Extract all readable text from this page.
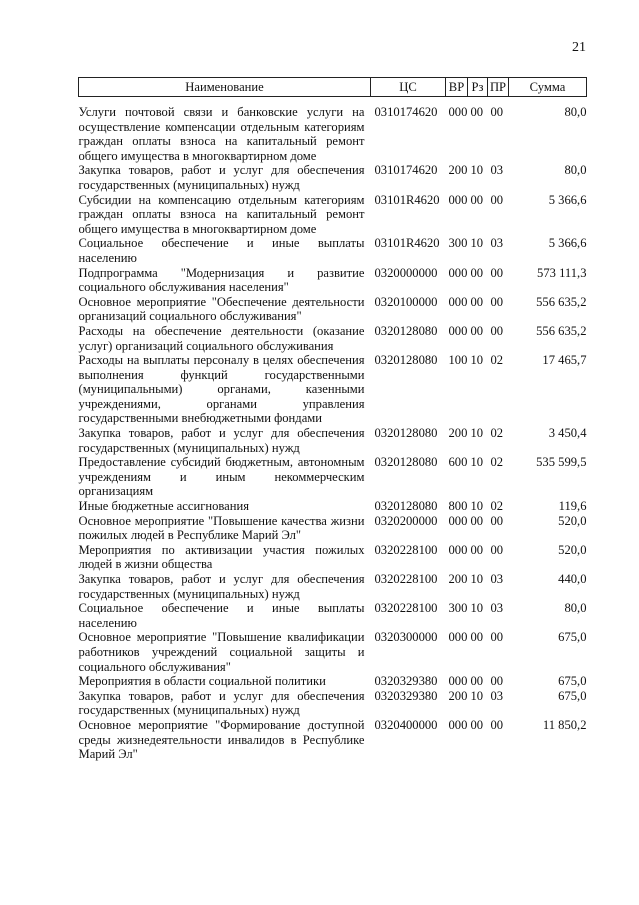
21
Наименование	ЦС	ВР	Рз	ПР	Сумма
Услуги почтовой связи и банковские услуги на осуществление компенсации отдельным категориям граждан оплаты взноса на капитальный ремонт общего имущества в многоквартирном доме	0310174620	000	00	00	80,0
Закупка товаров, работ и услуг для обеспечения государственных (муниципальных) нужд	0310174620	200	10	03	80,0
Субсидии на компенсацию отдельным категориям граждан оплаты взноса на капитальный ремонт общего имущества в многоквартирном доме	03101R4620	000	00	00	5 366,6
Социальное обеспечение и иные выплаты населению	03101R4620	300	10	03	5 366,6
Подпрограмма "Модернизация и развитие социального обслуживания населения"	0320000000	000	00	00	573 111,3
Основное мероприятие "Обеспечение деятельности организаций социального обслуживания"	0320100000	000	00	00	556 635,2
Расходы на обеспечение деятельности (оказание услуг) организаций социального обслуживания	0320128080	000	00	00	556 635,2
Расходы на выплаты персоналу в целях обеспечения выполнения функций государственными (муниципальными) органами, казенными учреждениями, органами управления государственными внебюджетными фондами	0320128080	100	10	02	17 465,7
Закупка товаров, работ и услуг для обеспечения государственных (муниципальных) нужд	0320128080	200	10	02	3 450,4
Предоставление субсидий бюджетным, автономным учреждениям и иным некоммерческим организациям	0320128080	600	10	02	535 599,5
Иные бюджетные ассигнования	0320128080	800	10	02	119,6
Основное мероприятие "Повышение качества жизни пожилых людей в Республике Марий Эл"	0320200000	000	00	00	520,0
Мероприятия по активизации участия пожилых людей в жизни общества	0320228100	000	00	00	520,0
Закупка товаров, работ и услуг для обеспечения государственных (муниципальных) нужд	0320228100	200	10	03	440,0
Социальное обеспечение и иные выплаты населению	0320228100	300	10	03	80,0
Основное мероприятие "Повышение квалификации работников учреждений социальной защиты и социального обслуживания"	0320300000	000	00	00	675,0
Мероприятия в области социальной политики	0320329380	000	00	00	675,0
Закупка товаров, работ и услуг для обеспечения государственных (муниципальных) нужд	0320329380	200	10	03	675,0
Основное мероприятие "Формирование доступной среды жизнедеятельности инвалидов в Республике Марий Эл"	0320400000	000	00	00	11 850,2
